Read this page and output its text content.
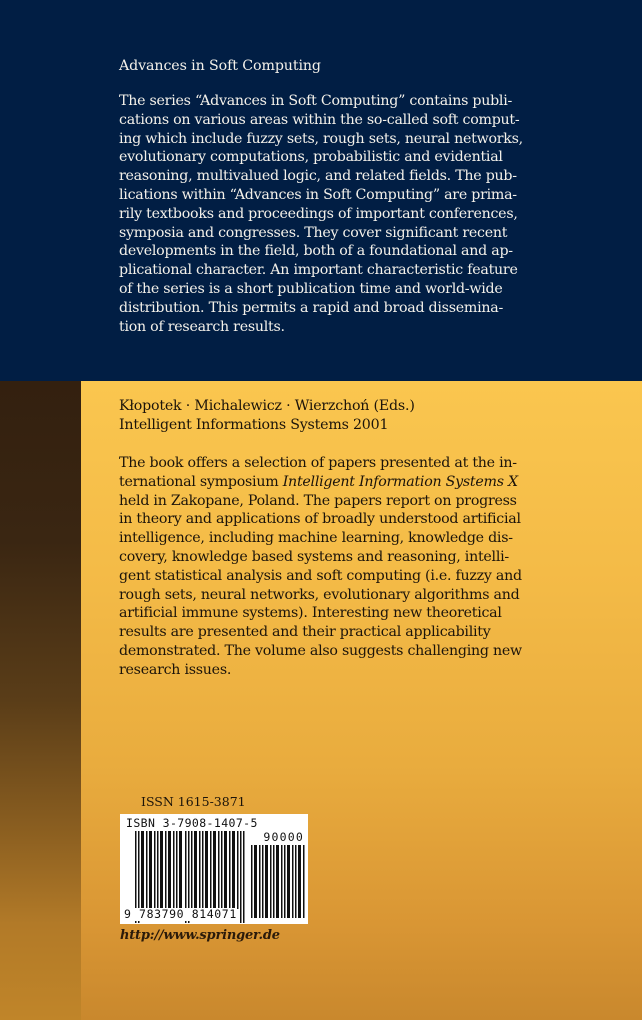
Advances in Soft Computing
The series “Advances in Soft Computing” contains publi-
cations on various areas within the so-called soft comput-
ing which include fuzzy sets, rough sets, neural networks,
evolutionary computations, probabilistic and evidential
reasoning, multivalued logic, and related fields. The pub-
lications within “Advances in Soft Computing” are prima-
rily textbooks and proceedings of important conferences,
symposia and congresses. They cover significant recent
developments in the field, both of a foundational and ap-
plicational character. An important characteristic feature
of the series is a short publication time and world-wide
distribution. This permits a rapid and broad dissemina-
tion of research results.
Kłopotek · Michalewicz · Wierzchoń (Eds.)
Intelligent Informations Systems 2001
The book offers a selection of papers presented at the in-
ternational symposium Intelligent Information Systems X
held in Zakopane, Poland. The papers report on progress
in theory and applications of broadly understood artificial
intelligence, including machine learning, knowledge dis-
covery, knowledge based systems and reasoning, intelli-
gent statistical analysis and soft computing (i.e. fuzzy and
rough sets, neural networks, evolutionary algorithms and
artificial immune systems). Interesting new theoretical
results are presented and their practical applicability
demonstrated. The volume also suggests challenging new
research issues.
ISSN 1615-3871
ISBN 3-7908-1407-5
90000
9 783790 814071
http://www.springer.de
